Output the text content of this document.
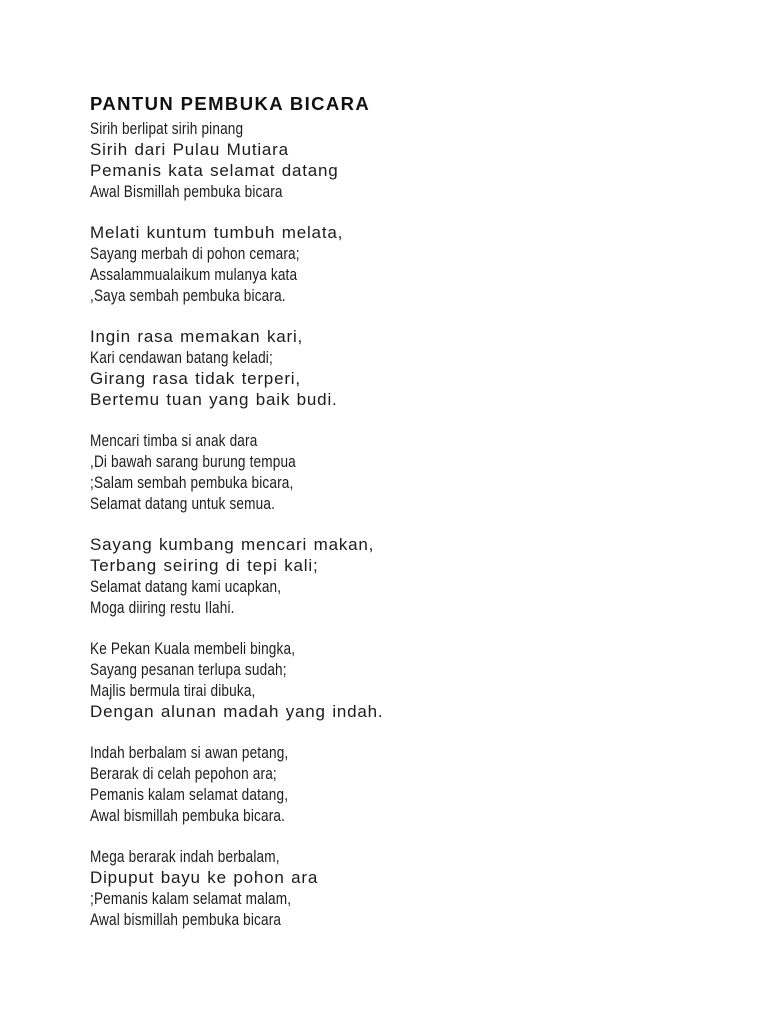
PANTUN PEMBUKA BICARA
Sirih berlipat sirih pinang
Sirih dari Pulau Mutiara
Pemanis kata selamat datang
Awal Bismillah pembuka bicara
Melati kuntum tumbuh melata,
Sayang merbah di pohon cemara;
Assalammualaikum mulanya kata
,Saya sembah pembuka bicara.
Ingin rasa memakan kari,
Kari cendawan batang keladi;
Girang rasa tidak terperi,
Bertemu tuan yang baik budi.
Mencari timba si anak dara
,Di bawah sarang burung tempua
;Salam sembah pembuka bicara,
Selamat datang untuk semua.
Sayang kumbang mencari makan,
Terbang seiring di tepi kali;
Selamat datang kami ucapkan,
Moga diiring restu Ilahi.
Ke Pekan Kuala membeli bingka,
Sayang pesanan terlupa sudah;
Majlis bermula tirai dibuka,
Dengan alunan madah yang indah.
Indah berbalam si awan petang,
Berarak di celah pepohon ara;
Pemanis kalam selamat datang,
Awal bismillah pembuka bicara.
Mega berarak indah berbalam,
Dipuput bayu ke pohon ara
;Pemanis kalam selamat malam,
Awal bismillah pembuka bicara
